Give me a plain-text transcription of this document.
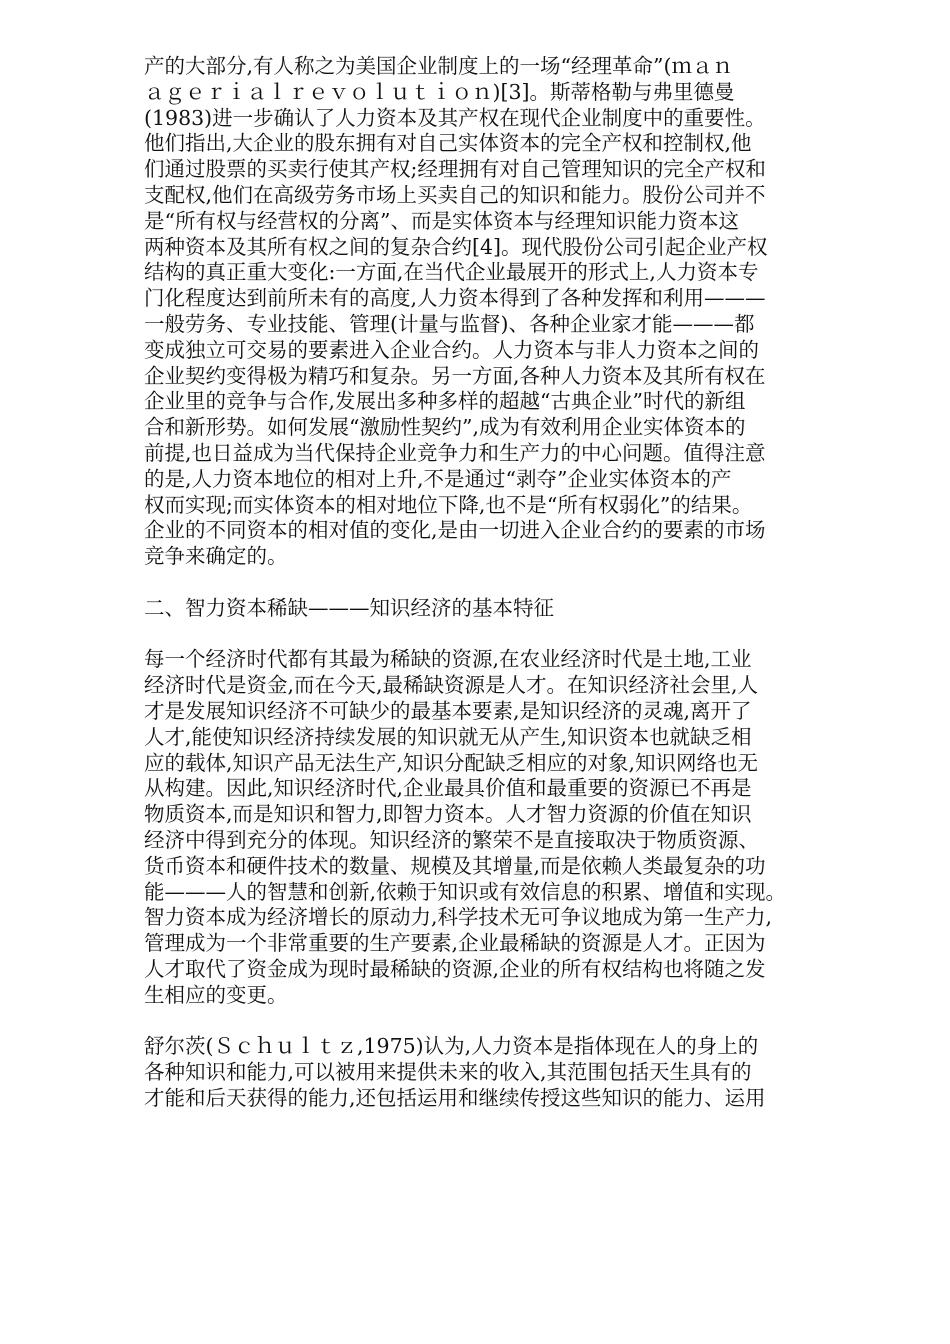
产的大部分,有人称之为美国企业制度上的一场“经理革命”(ｍａｎ
ａｇｅｒｉａｌｒｅｖｏｌｕｔｉｏｎ)[3]。斯蒂格勒与弗里德曼
(1983)进一步确认了人力资本及其产权在现代企业制度中的重要性。
他们指出,大企业的股东拥有对自己实体资本的完全产权和控制权,他
们通过股票的买卖行使其产权;经理拥有对自己管理知识的完全产权和
支配权,他们在高级劳务市场上买卖自己的知识和能力。股份公司并不
是“所有权与经营权的分离”、而是实体资本与经理知识能力资本这
两种资本及其所有权之间的复杂合约[4]。现代股份公司引起企业产权
结构的真正重大变化:一方面,在当代企业最展开的形式上,人力资本专
门化程度达到前所未有的高度,人力资本得到了各种发挥和利用———
一般劳务、专业技能、管理(计量与监督)、各种企业家才能———都
变成独立可交易的要素进入企业合约。人力资本与非人力资本之间的
企业契约变得极为精巧和复杂。另一方面,各种人力资本及其所有权在
企业里的竞争与合作,发展出多种多样的超越“古典企业”时代的新组
合和新形势。如何发展“激励性契约”,成为有效利用企业实体资本的
前提,也日益成为当代保持企业竞争力和生产力的中心问题。值得注意
的是,人力资本地位的相对上升,不是通过“剥夺”企业实体资本的产
权而实现;而实体资本的相对地位下降,也不是“所有权弱化”的结果。
企业的不同资本的相对值的变化,是由一切进入企业合约的要素的市场
竞争来确定的。

二、智力资本稀缺———知识经济的基本特征

每一个经济时代都有其最为稀缺的资源,在农业经济时代是土地,工业
经济时代是资金,而在今天,最稀缺资源是人才。在知识经济社会里,人
才是发展知识经济不可缺少的最基本要素,是知识经济的灵魂,离开了
人才,能使知识经济持续发展的知识就无从产生,知识资本也就缺乏相
应的载体,知识产品无法生产,知识分配缺乏相应的对象,知识网络也无
从构建。因此,知识经济时代,企业最具价值和最重要的资源已不再是
物质资本,而是知识和智力,即智力资本。人才智力资源的价值在知识
经济中得到充分的体现。知识经济的繁荣不是直接取决于物质资源、
货币资本和硬件技术的数量、规模及其增量,而是依赖人类最复杂的功
能———人的智慧和创新,依赖于知识或有效信息的积累、增值和实现。
智力资本成为经济增长的原动力,科学技术无可争议地成为第一生产力,
管理成为一个非常重要的生产要素,企业最稀缺的资源是人才。正因为
人才取代了资金成为现时最稀缺的资源,企业的所有权结构也将随之发
生相应的变更。

舒尔茨(Ｓｃｈｕｌｔｚ,1975)认为,人力资本是指体现在人的身上的
各种知识和能力,可以被用来提供未来的收入,其范围包括天生具有的
才能和后天获得的能力,还包括运用和继续传授这些知识的能力、运用
